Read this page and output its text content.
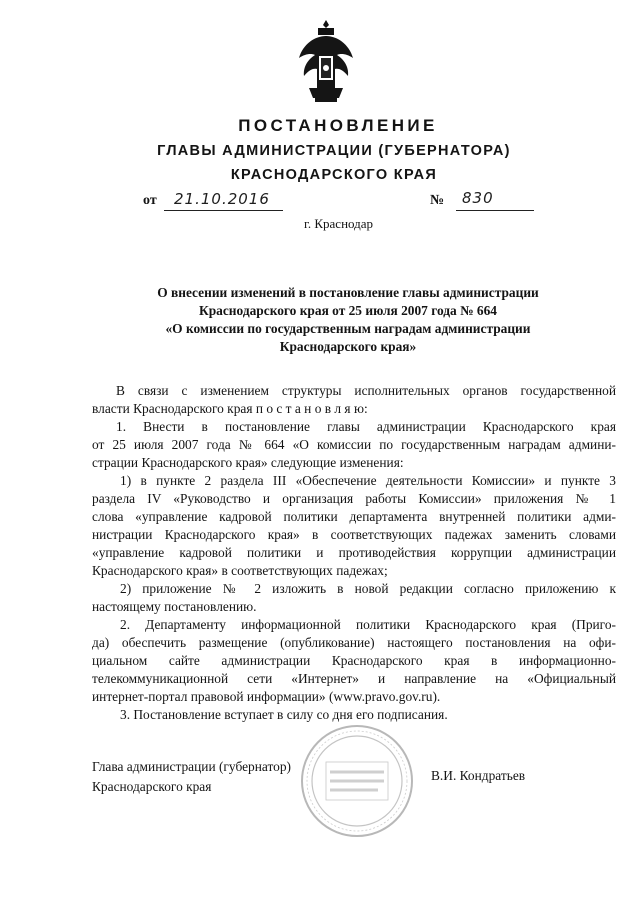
ПОСТАНОВЛЕНИЕ
ГЛАВЫ АДМИНИСТРАЦИИ (ГУБЕРНАТОРА)
КРАСНОДАРСКОГО КРАЯ
от 21.10.2016	№ 830
г. Краснодар
О внесении изменений в постановление главы администрации
Краснодарского края от 25 июля 2007 года № 664
«О комиссии по государственным наградам администрации
Краснодарского края»
В связи с изменением структуры исполнительных органов государственной
власти Краснодарского края п о с т а н о в л я ю:
1. Внести в постановление главы администрации Краснодарского края
от 25 июля 2007 года № 664 «О комиссии по государственным наградам админи-
страции Краснодарского края» следующие изменения:
1) в пункте 2 раздела III «Обеспечение деятельности Комиссии» и пункте 3
раздела IV «Руководство и организация работы Комиссии» приложения № 1
слова «управление кадровой политики департамента внутренней политики адми-
нистрации Краснодарского края» в соответствующих падежах заменить словами
«управление кадровой политики и противодействия коррупции администрации
Краснодарского края» в соответствующих падежах;
2) приложение № 2 изложить в новой редакции согласно приложению к
настоящему постановлению.
2. Департаменту информационной политики Краснодарского края (Приго-
да) обеспечить размещение (опубликование) настоящего постановления на офи-
циальном сайте администрации Краснодарского края в информационно-
телекоммуникационной сети «Интернет» и направление на «Официальный
интернет-портал правовой информации» (www.pravo.gov.ru).
3. Постановление вступает в силу со дня его подписания.
Глава администрации (губернатор)
Краснодарского края
В.И. Кондратьев
